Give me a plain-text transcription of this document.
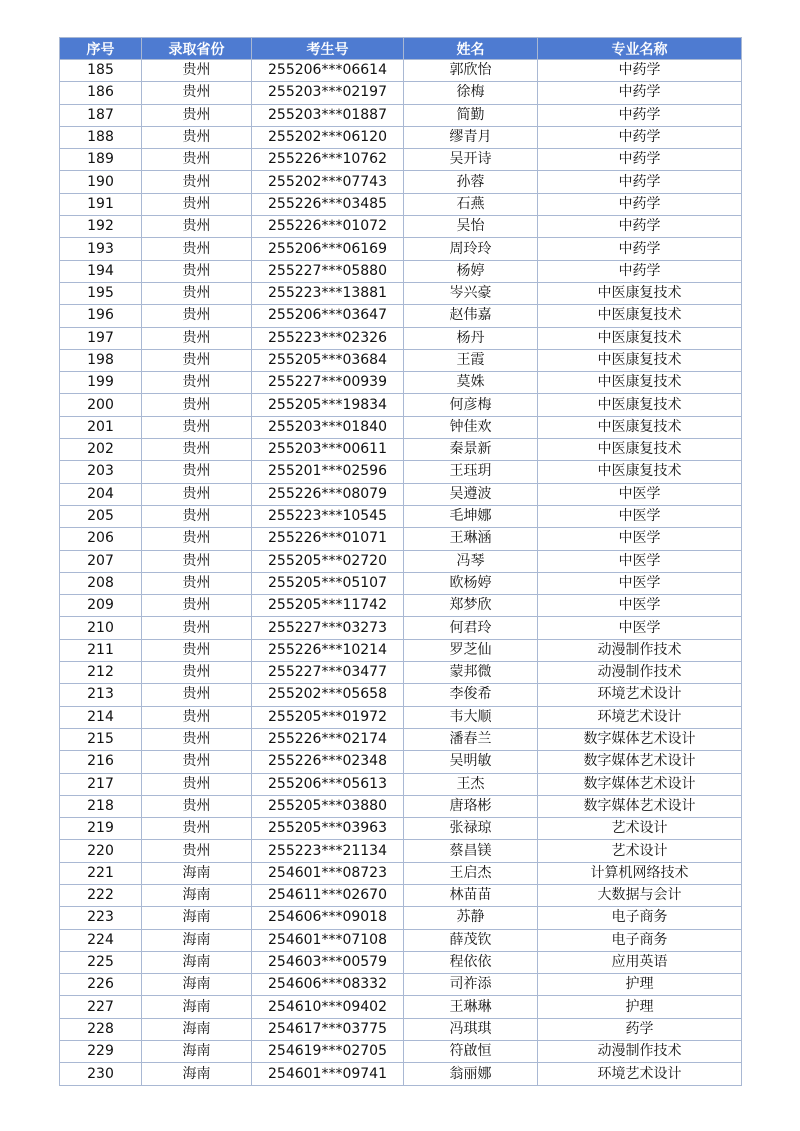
序号	录取省份	考生号	姓名	专业名称
185	贵州	255206***06614	郭欣怡	中药学
186	贵州	255203***02197	徐梅	中药学
187	贵州	255203***01887	简勤	中药学
188	贵州	255202***06120	缪青月	中药学
189	贵州	255226***10762	吴开诗	中药学
190	贵州	255202***07743	孙蓉	中药学
191	贵州	255226***03485	石燕	中药学
192	贵州	255226***01072	吴怡	中药学
193	贵州	255206***06169	周玲玲	中药学
194	贵州	255227***05880	杨婷	中药学
195	贵州	255223***13881	岑兴豪	中医康复技术
196	贵州	255206***03647	赵伟嘉	中医康复技术
197	贵州	255223***02326	杨丹	中医康复技术
198	贵州	255205***03684	王霞	中医康复技术
199	贵州	255227***00939	莫姝	中医康复技术
200	贵州	255205***19834	何彦梅	中医康复技术
201	贵州	255203***01840	钟佳欢	中医康复技术
202	贵州	255203***00611	秦景新	中医康复技术
203	贵州	255201***02596	王珏玥	中医康复技术
204	贵州	255226***08079	吴遵波	中医学
205	贵州	255223***10545	毛坤娜	中医学
206	贵州	255226***01071	王琳涵	中医学
207	贵州	255205***02720	冯琴	中医学
208	贵州	255205***05107	欧杨婷	中医学
209	贵州	255205***11742	郑梦欣	中医学
210	贵州	255227***03273	何君玲	中医学
211	贵州	255226***10214	罗芝仙	动漫制作技术
212	贵州	255227***03477	蒙邦微	动漫制作技术
213	贵州	255202***05658	李俊希	环境艺术设计
214	贵州	255205***01972	韦大顺	环境艺术设计
215	贵州	255226***02174	潘春兰	数字媒体艺术设计
216	贵州	255226***02348	吴明敏	数字媒体艺术设计
217	贵州	255206***05613	王杰	数字媒体艺术设计
218	贵州	255205***03880	唐珞彬	数字媒体艺术设计
219	贵州	255205***03963	张禄琼	艺术设计
220	贵州	255223***21134	蔡昌镁	艺术设计
221	海南	254601***08723	王启杰	计算机网络技术
222	海南	254611***02670	林苗苗	大数据与会计
223	海南	254606***09018	苏静	电子商务
224	海南	254601***07108	薛茂钦	电子商务
225	海南	254603***00579	程依依	应用英语
226	海南	254606***08332	司祚添	护理
227	海南	254610***09402	王琳琳	护理
228	海南	254617***03775	冯琪琪	药学
229	海南	254619***02705	符啟恒	动漫制作技术
230	海南	254601***09741	翁丽娜	环境艺术设计
